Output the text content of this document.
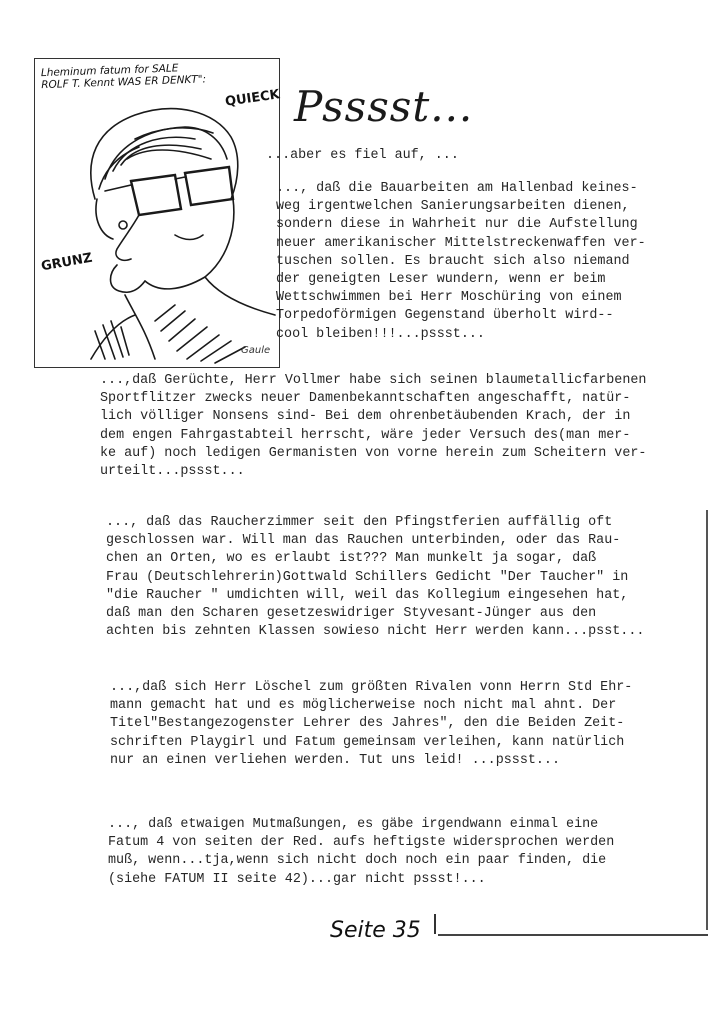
Lheminum fatum for SALE
ROLF T. Kennt WAS ER DENKT":
QUIECK
GRUNZ
Gaule
Psssst...

...aber es fiel auf, ...

..., daß die Bauarbeiten am Hallenbad keines-
weg irgentwelchen Sanierungsarbeiten dienen,
sondern diese in Wahrheit nur die Aufstellung
neuer amerikanischer Mittelstreckenwaffen ver-
tuschen sollen. Es braucht sich also niemand
der geneigten Leser wundern, wenn er beim
Wettschwimmen bei Herr Moschüring von einem
Torpedoförmigen Gegenstand überholt wird--
cool bleiben!!!...pssst...

...,daß Gerüchte, Herr Vollmer habe sich seinen blaumetallicfarbenen
Sportflitzer zwecks neuer Damenbekanntschaften angeschafft, natür-
lich völliger Nonsens sind- Bei dem ohrenbetäubenden Krach, der in
dem engen Fahrgastabteil herrscht, wäre jeder Versuch des(man mer-
ke auf) noch ledigen Germanisten von vorne herein zum Scheitern ver-
urteilt...pssst...

..., daß das Raucherzimmer seit den Pfingstferien auffällig oft
geschlossen war. Will man das Rauchen unterbinden, oder das Rau-
chen an Orten, wo es erlaubt ist??? Man munkelt ja sogar, daß
Frau (Deutschlehrerin)Gottwald Schillers Gedicht "Der Taucher" in
"die Raucher " umdichten will, weil das Kollegium eingesehen hat,
daß man den Scharen gesetzeswidriger Styvesant-Jünger aus den
achten bis zehnten Klassen sowieso nicht Herr werden kann...psst...

...,daß sich Herr Löschel zum größten Rivalen vonn Herrn Std Ehr-
mann gemacht hat und es möglicherweise noch nicht mal ahnt. Der
Titel"Bestangezogenster Lehrer des Jahres", den die Beiden Zeit-
schriften Playgirl und Fatum gemeinsam verleihen, kann natürlich
nur an einen verliehen werden. Tut uns leid! ...pssst...

..., daß etwaigen Mutmaßungen, es gäbe irgendwann einmal eine
Fatum 4 von seiten der Red. aufs heftigste widersprochen werden
muß, wenn...tja,wenn sich nicht doch noch ein paar finden, die
(siehe FATUM II seite 42)...gar nicht pssst!...

Seite 35
